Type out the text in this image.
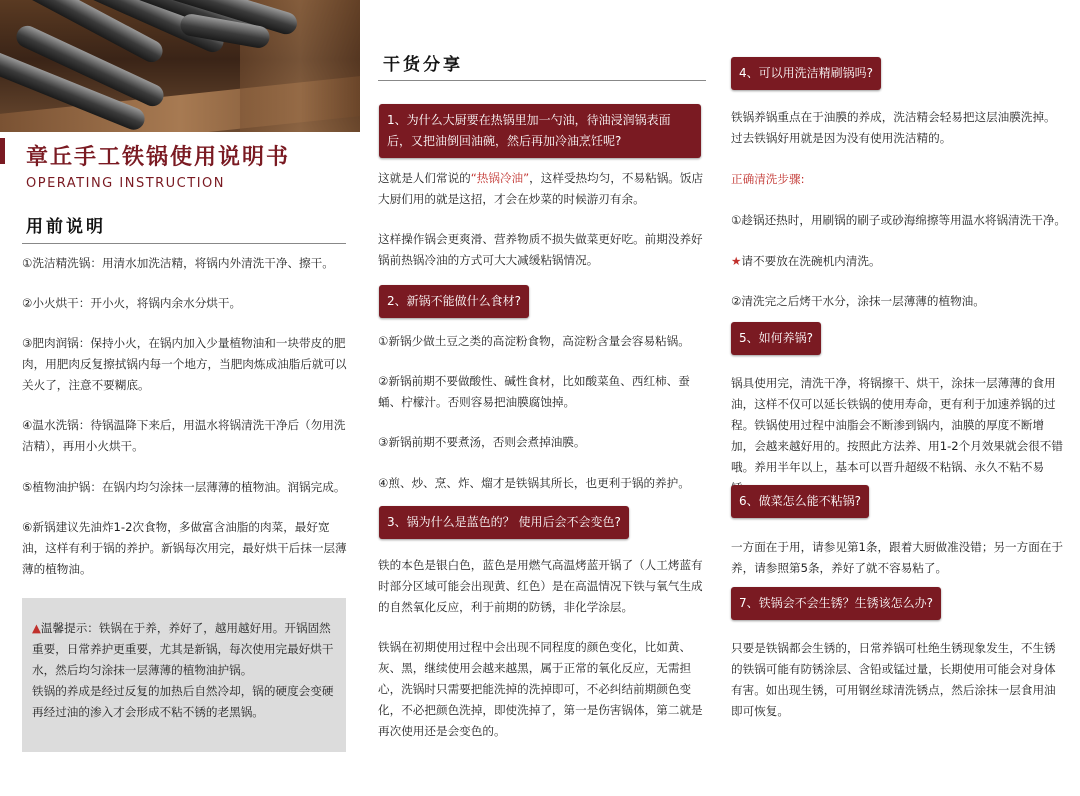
章丘手工铁锅使用说明书
OPERATING INSTRUCTION
用前说明
①洗洁精洗锅：用清水加洗洁精，将锅内外清洗干净、擦干。
②小火烘干：开小火，将锅内余水分烘干。
③肥肉润锅：保持小火，在锅内加入少量植物油和一块带皮的肥肉，用肥肉反复擦拭锅内每一个地方，当肥肉炼成油脂后就可以关火了，注意不要糊底。
④温水洗锅：待锅温降下来后，用温水将锅清洗干净后（勿用洗洁精），再用小火烘干。
⑤植物油护锅：在锅内均匀涂抹一层薄薄的植物油。润锅完成。
⑥新锅建议先油炸1-2次食物，多做富含油脂的肉菜，最好宽油，这样有利于锅的养护。新锅每次用完，最好烘干后抹一层薄薄的植物油。
▲温馨提示：铁锅在于养，养好了，越用越好用。开锅固然重要，日常养护更重要，尤其是新锅，每次使用完最好烘干水，然后均匀涂抹一层薄薄的植物油护锅。
铁锅的养成是经过反复的加热后自然冷却，锅的硬度会变硬再经过油的渗入才会形成不粘不锈的老黑锅。
干货分享
1、为什么大厨要在热锅里加一勺油，待油浸润锅表面后，又把油倒回油碗，然后再加冷油烹饪呢?
这就是人们常说的“热锅冷油”，这样受热均匀，不易粘锅。饭店大厨们用的就是这招，才会在炒菜的时候游刃有余。
这样操作锅会更爽滑、营养物质不损失做菜更好吃。前期没养好锅前热锅冷油的方式可大大减缓粘锅情况。
2、新锅不能做什么食材?
①新锅少做土豆之类的高淀粉食物，高淀粉含量会容易粘锅。
②新锅前期不要做酸性、碱性食材，比如酸菜鱼、西红柿、蚕蛹、柠檬汁。否则容易把油膜腐蚀掉。
③新锅前期不要煮汤，否则会煮掉油膜。
④煎、炒、烹、炸、熘才是铁锅其所长，也更利于锅的养护。
3、锅为什么是蓝色的？ 使用后会不会变色?
铁的本色是银白色，蓝色是用燃气高温烤蓝开锅了（人工烤蓝有时部分区域可能会出现黄、红色）是在高温情况下铁与氧气生成的自然氧化反应，利于前期的防锈，非化学涂层。
铁锅在初期使用过程中会出现不同程度的颜色变化，比如黄、灰、黑，继续使用会越来越黑，属于正常的氧化反应，无需担心，洗锅时只需要把能洗掉的洗掉即可，不必纠结前期颜色变化，不必把颜色洗掉，即使洗掉了，第一是伤害锅体，第二就是再次使用还是会变色的。
4、可以用洗洁精刷锅吗?
铁锅养锅重点在于油膜的养成，洗洁精会轻易把这层油膜洗掉。过去铁锅好用就是因为没有使用洗洁精的。
正确清洗步骤:
①趁锅还热时，用刷锅的刷子或砂海绵擦等用温水将锅清洗干净。
★请不要放在洗碗机内清洗。
②清洗完之后烤干水分，涂抹一层薄薄的植物油。
5、如何养锅?
锅具使用完，清洗干净，将锅擦干、烘干，涂抹一层薄薄的食用油，这样不仅可以延长铁锅的使用寿命，更有利于加速养锅的过程。铁锅使用过程中油脂会不断渗到锅内，油膜的厚度不断增加，会越来越好用的。按照此方法养、用1-2个月效果就会很不错哦。养用半年以上，基本可以晋升超级不粘锅、永久不粘不易
6、做菜怎么能不粘锅?
一方面在于用，请参见第1条，跟着大厨做准没错；另一方面在于养，请参照第5条，养好了就不容易粘了。
7、铁锅会不会生锈？生锈该怎么办?
只要是铁锅都会生锈的，日常养锅可杜绝生锈现象发生，不生锈的铁锅可能有防锈涂层、含铅或锰过量，长期使用可能会对身体有害。如出现生锈，可用钢丝球清洗锈点，然后涂抹一层食用油即可恢复。
